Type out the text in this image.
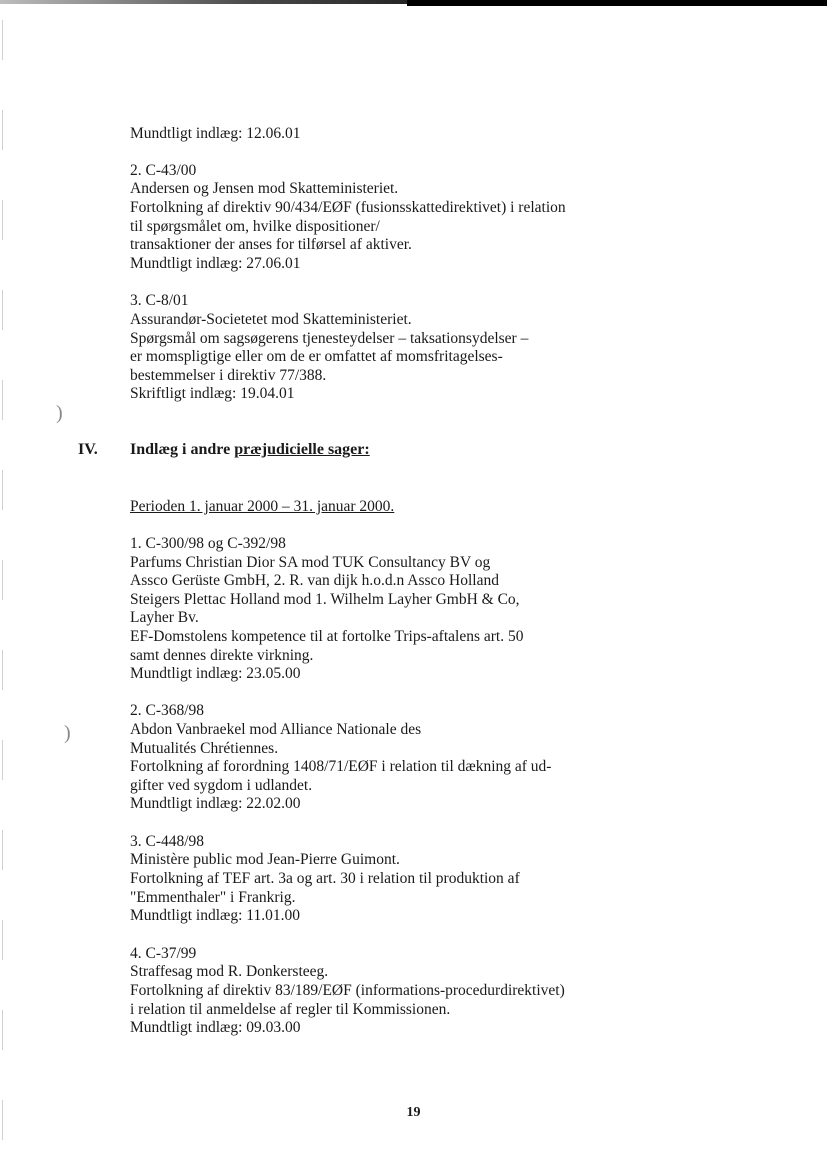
)
)
Mundtligt indlæg: 12.06.01
2. C-43/00
Andersen og Jensen mod Skatteministeriet.
Fortolkning af direktiv 90/434/EØF (fusionsskattedirektivet) i relation
til spørgsmålet om, hvilke dispositioner/
transaktioner der anses for tilførsel af aktiver.
Mundtligt indlæg: 27.06.01
3. C-8/01
Assurandør-Societetet mod Skatteministeriet.
Spørgsmål om sagsøgerens tjenesteydelser – taksationsydelser –
er momspligtige eller om de er omfattet af momsfritagelses-
bestemmelser i direktiv 77/388.
Skriftligt indlæg: 19.04.01
IV. Indlæg i andre præjudicielle sager:
Perioden 1. januar 2000 – 31. januar 2000.
1. C-300/98 og C-392/98
Parfums Christian Dior SA mod TUK Consultancy BV og
Assco Gerüste GmbH, 2. R. van dijk h.o.d.n Assco Holland
Steigers Plettac Holland mod 1. Wilhelm Layher GmbH & Co,
Layher Bv.
EF-Domstolens kompetence til at fortolke Trips-aftalens art. 50
samt dennes direkte virkning.
Mundtligt indlæg: 23.05.00
2. C-368/98
Abdon Vanbraekel mod Alliance Nationale des
Mutualités Chrétiennes.
Fortolkning af forordning 1408/71/EØF i relation til dækning af ud-
gifter ved sygdom i udlandet.
Mundtligt indlæg: 22.02.00
3. C-448/98
Ministère public mod Jean-Pierre Guimont.
Fortolkning af TEF art. 3a og art. 30 i relation til produktion af
"Emmenthaler" i Frankrig.
Mundtligt indlæg: 11.01.00
4. C-37/99
Straffesag mod R. Donkersteeg.
Fortolkning af direktiv 83/189/EØF (informations-procedurdirektivet)
i relation til anmeldelse af regler til Kommissionen.
Mundtligt indlæg: 09.03.00
19
